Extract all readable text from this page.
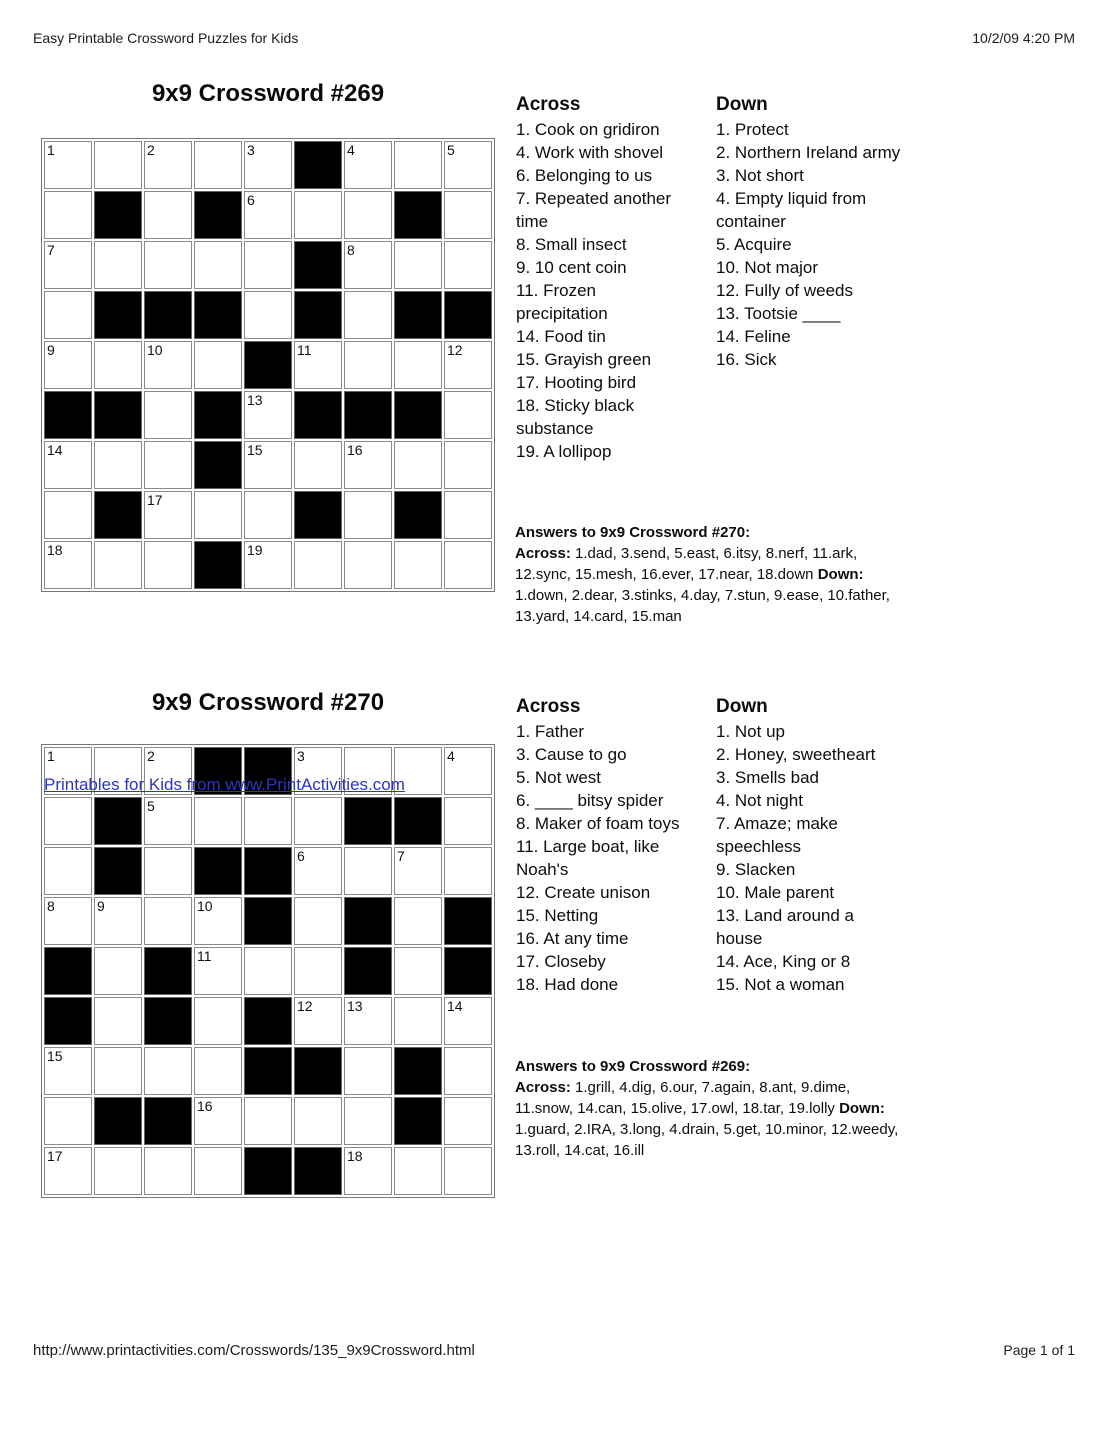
Easy Printable Crossword Puzzles for Kids	10/2/09 4:20 PM
9x9 Crossword #269
1	2	3	4	5
6
7	8
9	10	11	12
13
14	15	16
17
18	19
Across
1. Cook on gridiron
4. Work with shovel
6. Belonging to us
7. Repeated another
time
8. Small insect
9. 10 cent coin
11. Frozen
precipitation
14. Food tin
15. Grayish green
17. Hooting bird
18. Sticky black
substance
19. A lollipop
Down
1. Protect
2. Northern Ireland army
3. Not short
4. Empty liquid from
container
5. Acquire
10. Not major
12. Fully of weeds
13. Tootsie ____
14. Feline
16. Sick
Answers to 9x9 Crossword #270:
Across: 1.dad, 3.send, 5.east, 6.itsy, 8.nerf, 11.ark,
12.sync, 15.mesh, 16.ever, 17.near, 18.down Down:
1.down, 2.dear, 3.stinks, 4.day, 7.stun, 9.ease, 10.father,
13.yard, 14.card, 15.man
9x9 Crossword #270
1	2	3	4
5
6	7
8	9	10
11
12	13	14
15
16
17	18
Printables for Kids from www.PrintActivities.com
Across
1. Father
3. Cause to go
5. Not west
6. ____ bitsy spider
8. Maker of foam toys
11. Large boat, like
Noah's
12. Create unison
15. Netting
16. At any time
17. Closeby
18. Had done
Down
1. Not up
2. Honey, sweetheart
3. Smells bad
4. Not night
7. Amaze; make
speechless
9. Slacken
10. Male parent
13. Land around a
house
14. Ace, King or 8
15. Not a woman
Answers to 9x9 Crossword #269:
Across: 1.grill, 4.dig, 6.our, 7.again, 8.ant, 9.dime,
11.snow, 14.can, 15.olive, 17.owl, 18.tar, 19.lolly Down:
1.guard, 2.IRA, 3.long, 4.drain, 5.get, 10.minor, 12.weedy,
13.roll, 14.cat, 16.ill
http://www.printactivities.com/Crosswords/135_9x9Crossword.html	Page 1 of 1
